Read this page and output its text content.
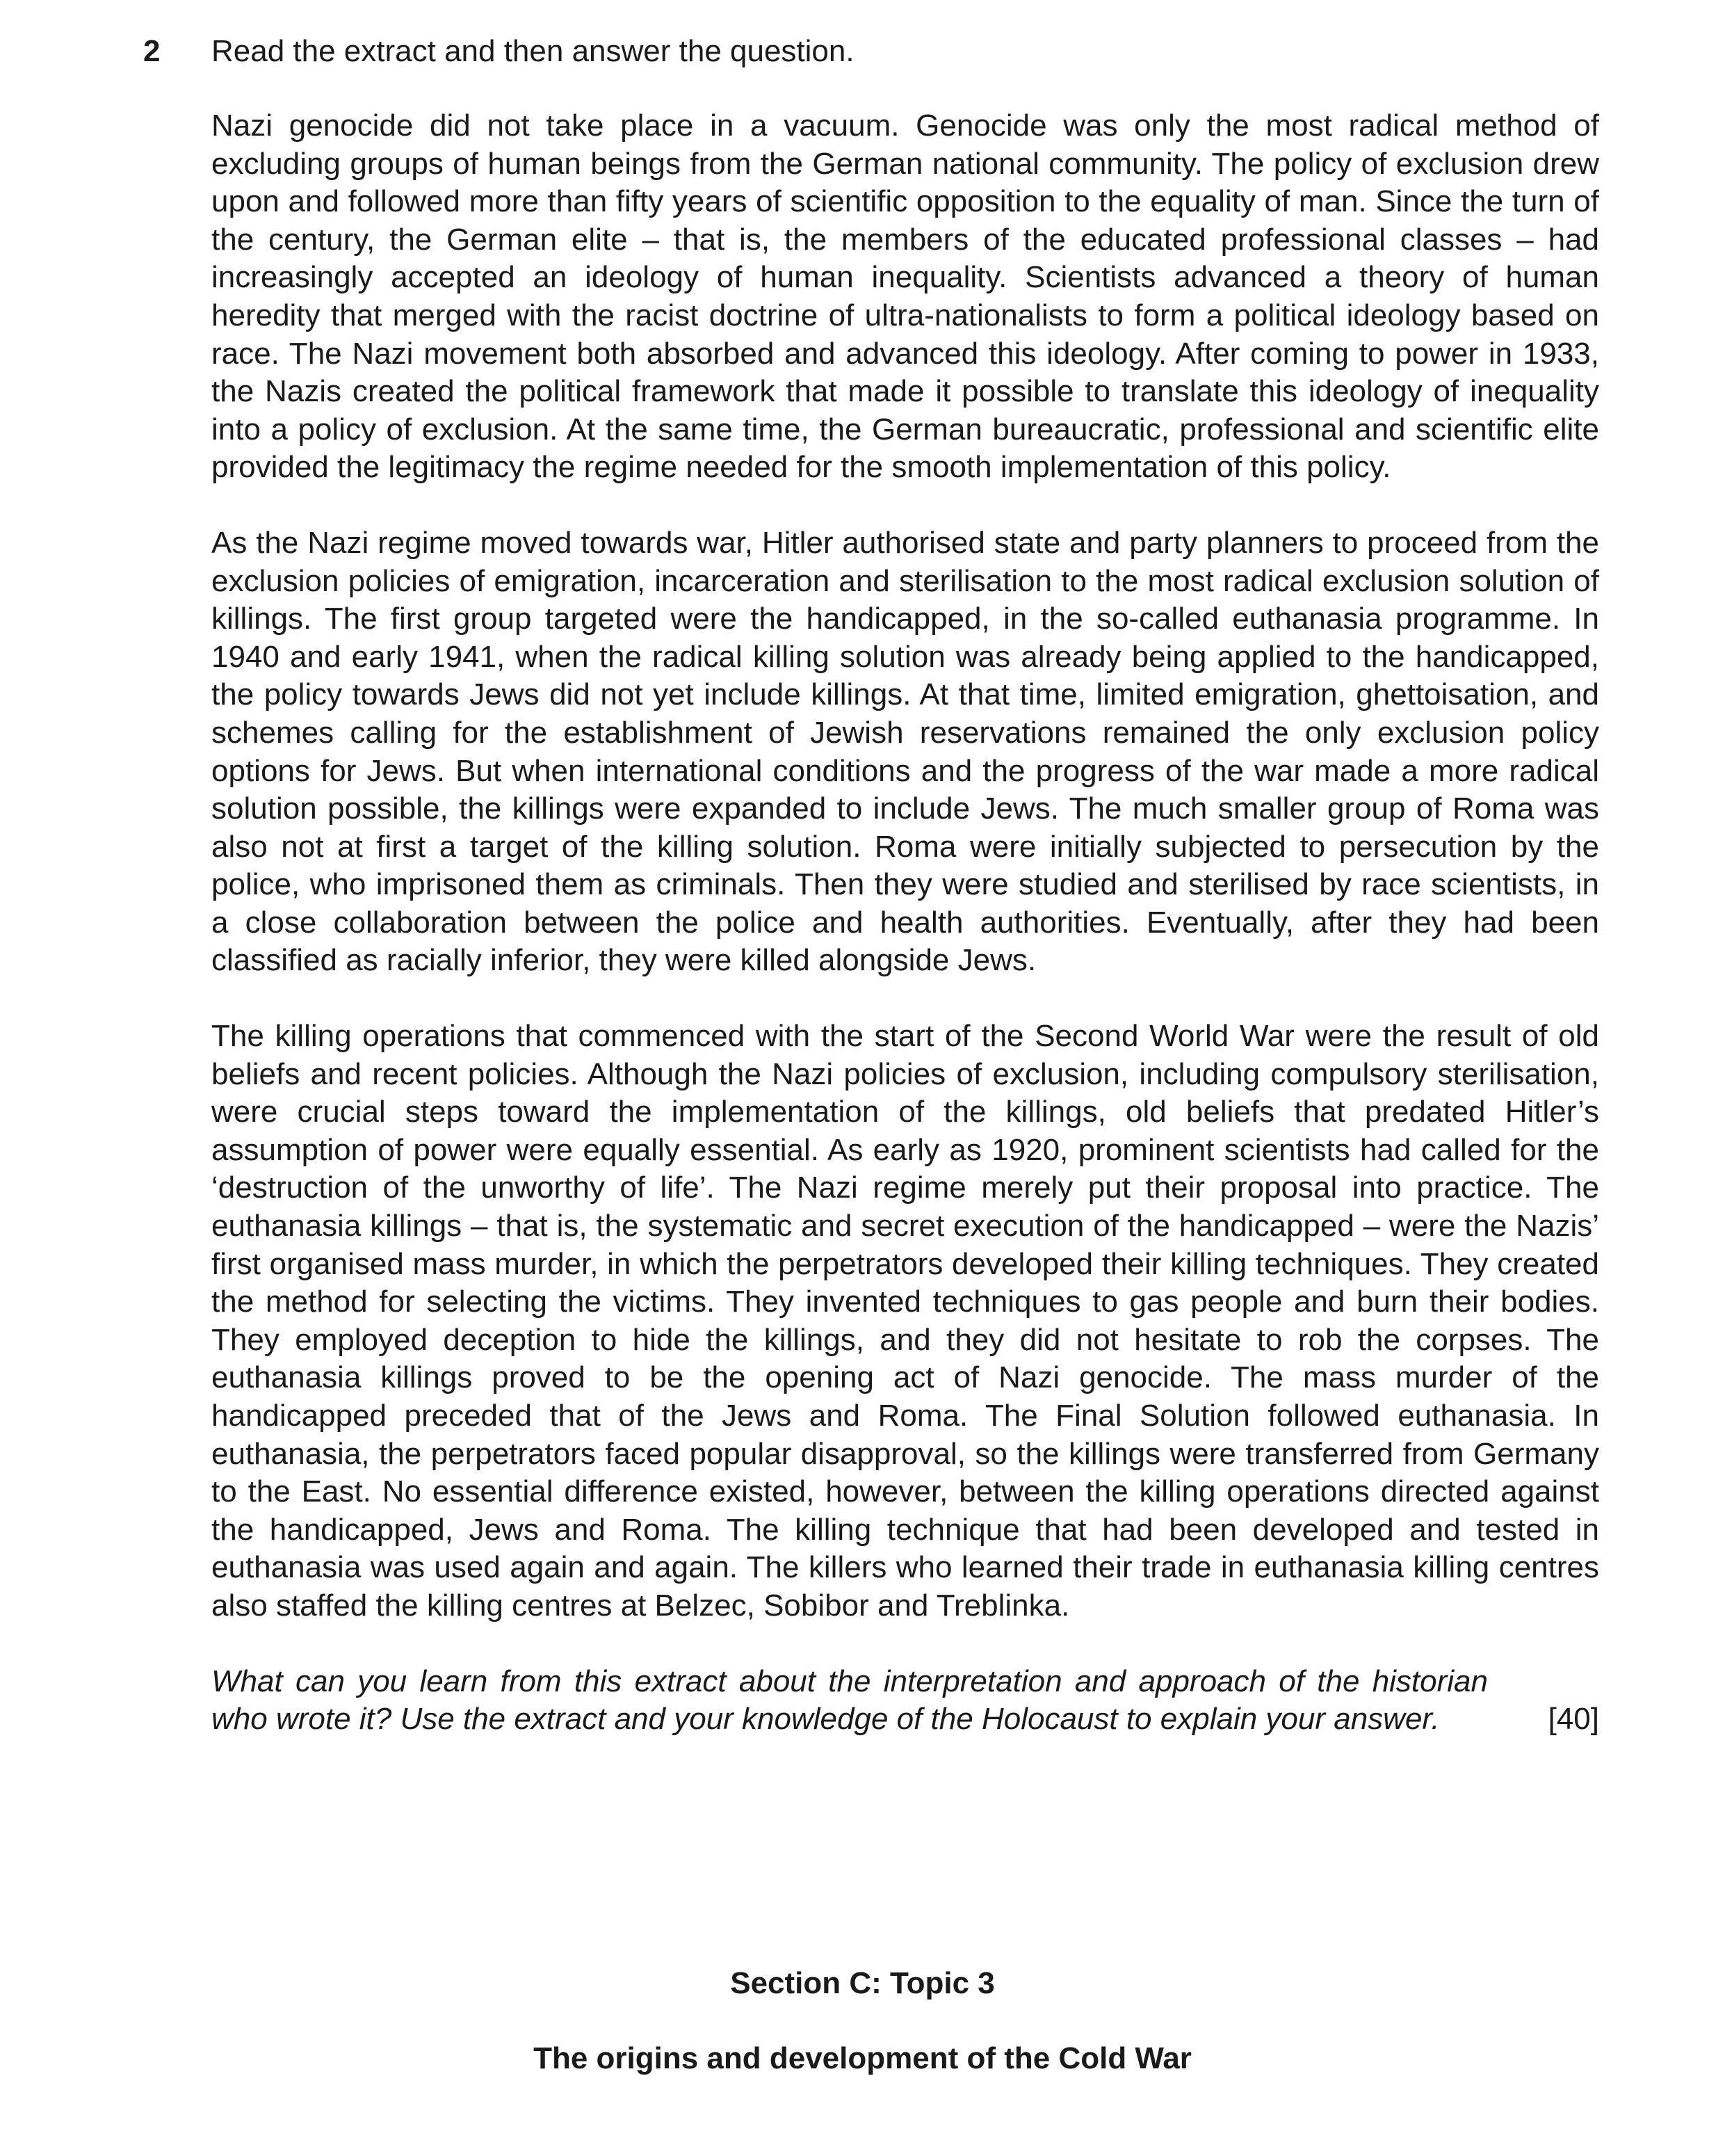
2 Read the extract and then answer the question.

Nazi genocide did not take place in a vacuum. Genocide was only the most radical method of excluding groups of human beings from the German national community. The policy of exclusion drew upon and followed more than fifty years of scientific opposition to the equality of man. Since the turn of the century, the German elite – that is, the members of the educated professional classes – had increasingly accepted an ideology of human inequality. Scientists advanced a theory of human heredity that merged with the racist doctrine of ultra-nationalists to form a political ideology based on race. The Nazi movement both absorbed and advanced this ideology. After coming to power in 1933, the Nazis created the political framework that made it possible to translate this ideology of inequality into a policy of exclusion. At the same time, the German bureaucratic, professional and scientific elite provided the legitimacy the regime needed for the smooth implementation of this policy.

As the Nazi regime moved towards war, Hitler authorised state and party planners to proceed from the exclusion policies of emigration, incarceration and sterilisation to the most radical exclusion solution of killings. The first group targeted were the handicapped, in the so-called euthanasia programme. In 1940 and early 1941, when the radical killing solution was already being applied to the handicapped, the policy towards Jews did not yet include killings. At that time, limited emigration, ghettoisation, and schemes calling for the establishment of Jewish reservations remained the only exclusion policy options for Jews. But when international conditions and the progress of the war made a more radical solution possible, the killings were expanded to include Jews. The much smaller group of Roma was also not at first a target of the killing solution. Roma were initially subjected to persecution by the police, who imprisoned them as criminals. Then they were studied and sterilised by race scientists, in a close collaboration between the police and health authorities. Eventually, after they had been classified as racially inferior, they were killed alongside Jews.

The killing operations that commenced with the start of the Second World War were the result of old beliefs and recent policies. Although the Nazi policies of exclusion, including compulsory sterilisation, were crucial steps toward the implementation of the killings, old beliefs that predated Hitler’s assumption of power were equally essential. As early as 1920, prominent scientists had called for the ‘destruction of the unworthy of life’. The Nazi regime merely put their proposal into practice. The euthanasia killings – that is, the systematic and secret execution of the handicapped – were the Nazis’ first organised mass murder, in which the perpetrators developed their killing techniques. They created the method for selecting the victims. They invented techniques to gas people and burn their bodies. They employed deception to hide the killings, and they did not hesitate to rob the corpses. The euthanasia killings proved to be the opening act of Nazi genocide. The mass murder of the handicapped preceded that of the Jews and Roma. The Final Solution followed euthanasia. In euthanasia, the perpetrators faced popular disapproval, so the killings were transferred from Germany to the East. No essential difference existed, however, between the killing operations directed against the handicapped, Jews and Roma. The killing technique that had been developed and tested in euthanasia was used again and again. The killers who learned their trade in euthanasia killing centres also staffed the killing centres at Belzec, Sobibor and Treblinka.

What can you learn from this extract about the interpretation and approach of the historian who wrote it? Use the extract and your knowledge of the Holocaust to explain your answer.	[40]
Section C: Topic 3
The origins and development of the Cold War
